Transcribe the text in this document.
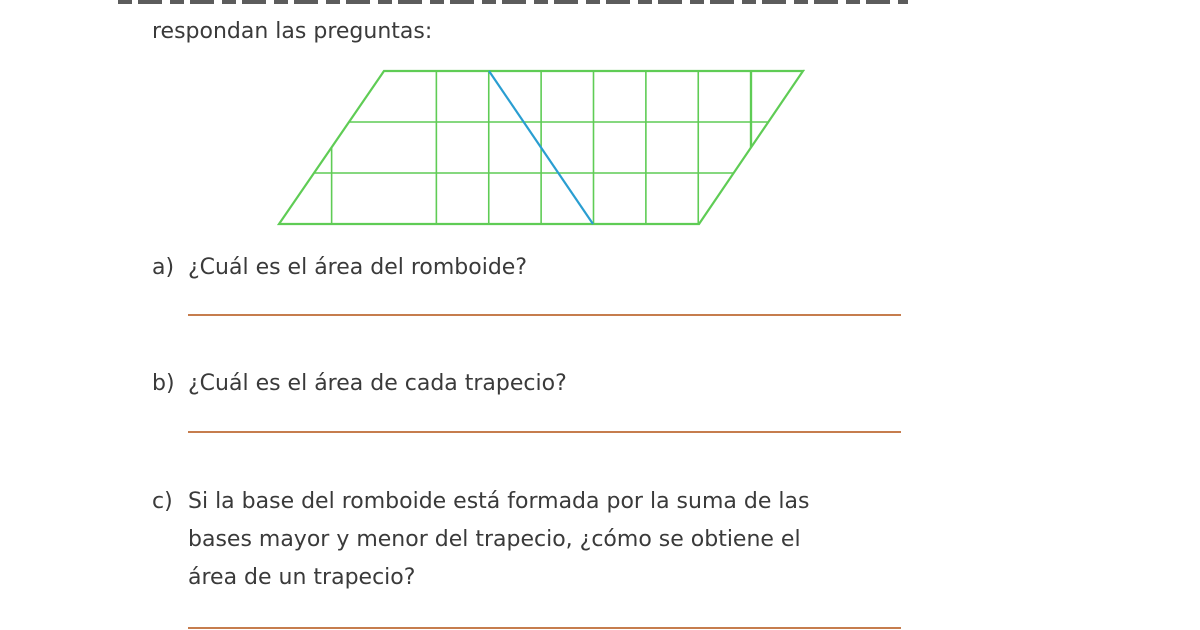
respondan las preguntas:

a) ¿Cuál es el área del romboide?
b) ¿Cuál es el área de cada trapecio?
c) Si la base del romboide está formada por la suma de las
bases mayor y menor del trapecio, ¿cómo se obtiene el
área de un trapecio?
